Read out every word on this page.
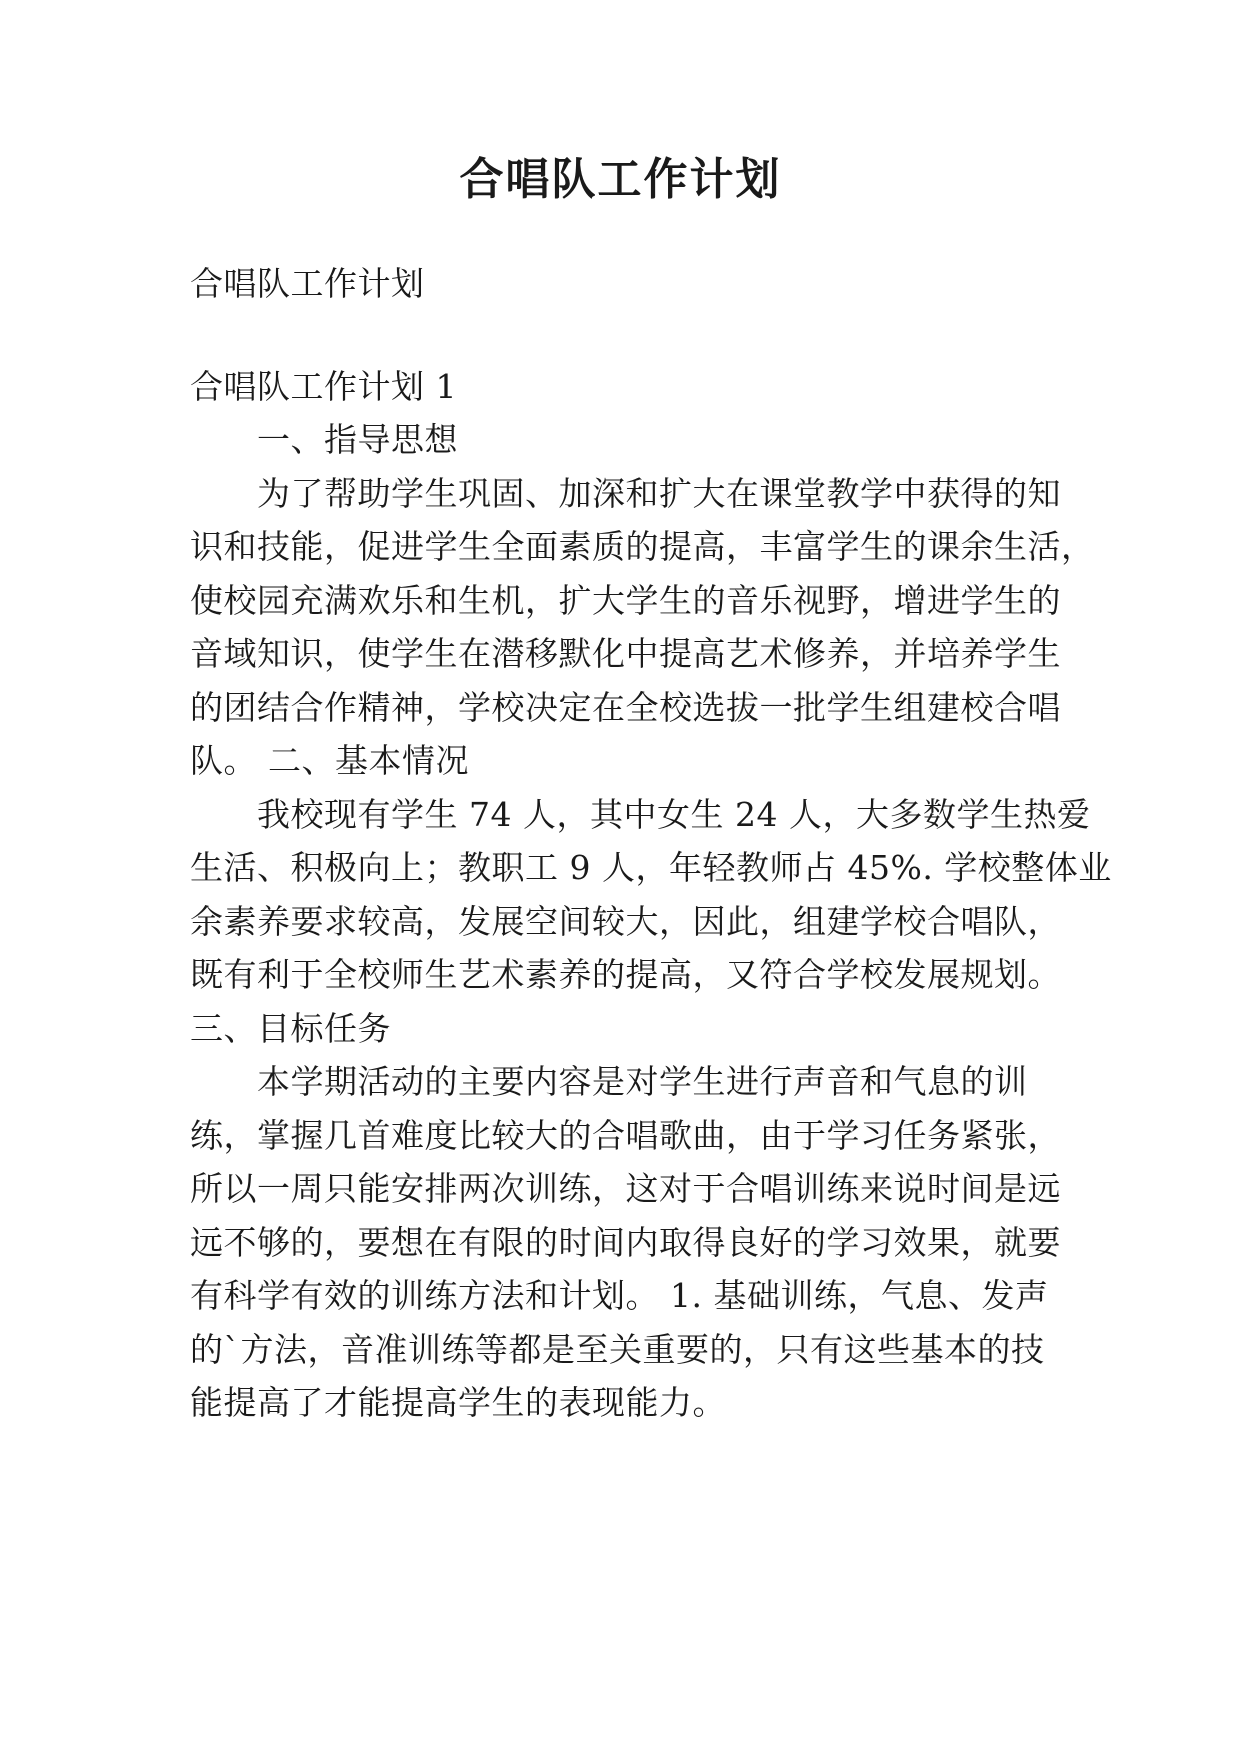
合唱队工作计划
合唱队工作计划
合唱队工作计划 1
一、指导思想
为了帮助学生巩固、加深和扩大在课堂教学中获得的知
识和技能，促进学生全面素质的提高，丰富学生的课余生活，
使校园充满欢乐和生机，扩大学生的音乐视野，增进学生的
音域知识，使学生在潜移默化中提高艺术修养，并培养学生
的团结合作精神，学校决定在全校选拔一批学生组建校合唱
队。 二、基本情况
我校现有学生 74 人，其中女生 24 人，大多数学生热爱
生活、积极向上；教职工 9 人，年轻教师占 45%. 学校整体业
余素养要求较高，发展空间较大，因此，组建学校合唱队，
既有利于全校师生艺术素养的提高，又符合学校发展规划。
三、目标任务
本学期活动的主要内容是对学生进行声音和气息的训
练，掌握几首难度比较大的合唱歌曲，由于学习任务紧张，
所以一周只能安排两次训练，这对于合唱训练来说时间是远
远不够的，要想在有限的时间内取得良好的学习效果，就要
有科学有效的训练方法和计划。 1. 基础训练，气息、发声
的`方法，音准训练等都是至关重要的，只有这些基本的技
能提高了才能提高学生的表现能力。
